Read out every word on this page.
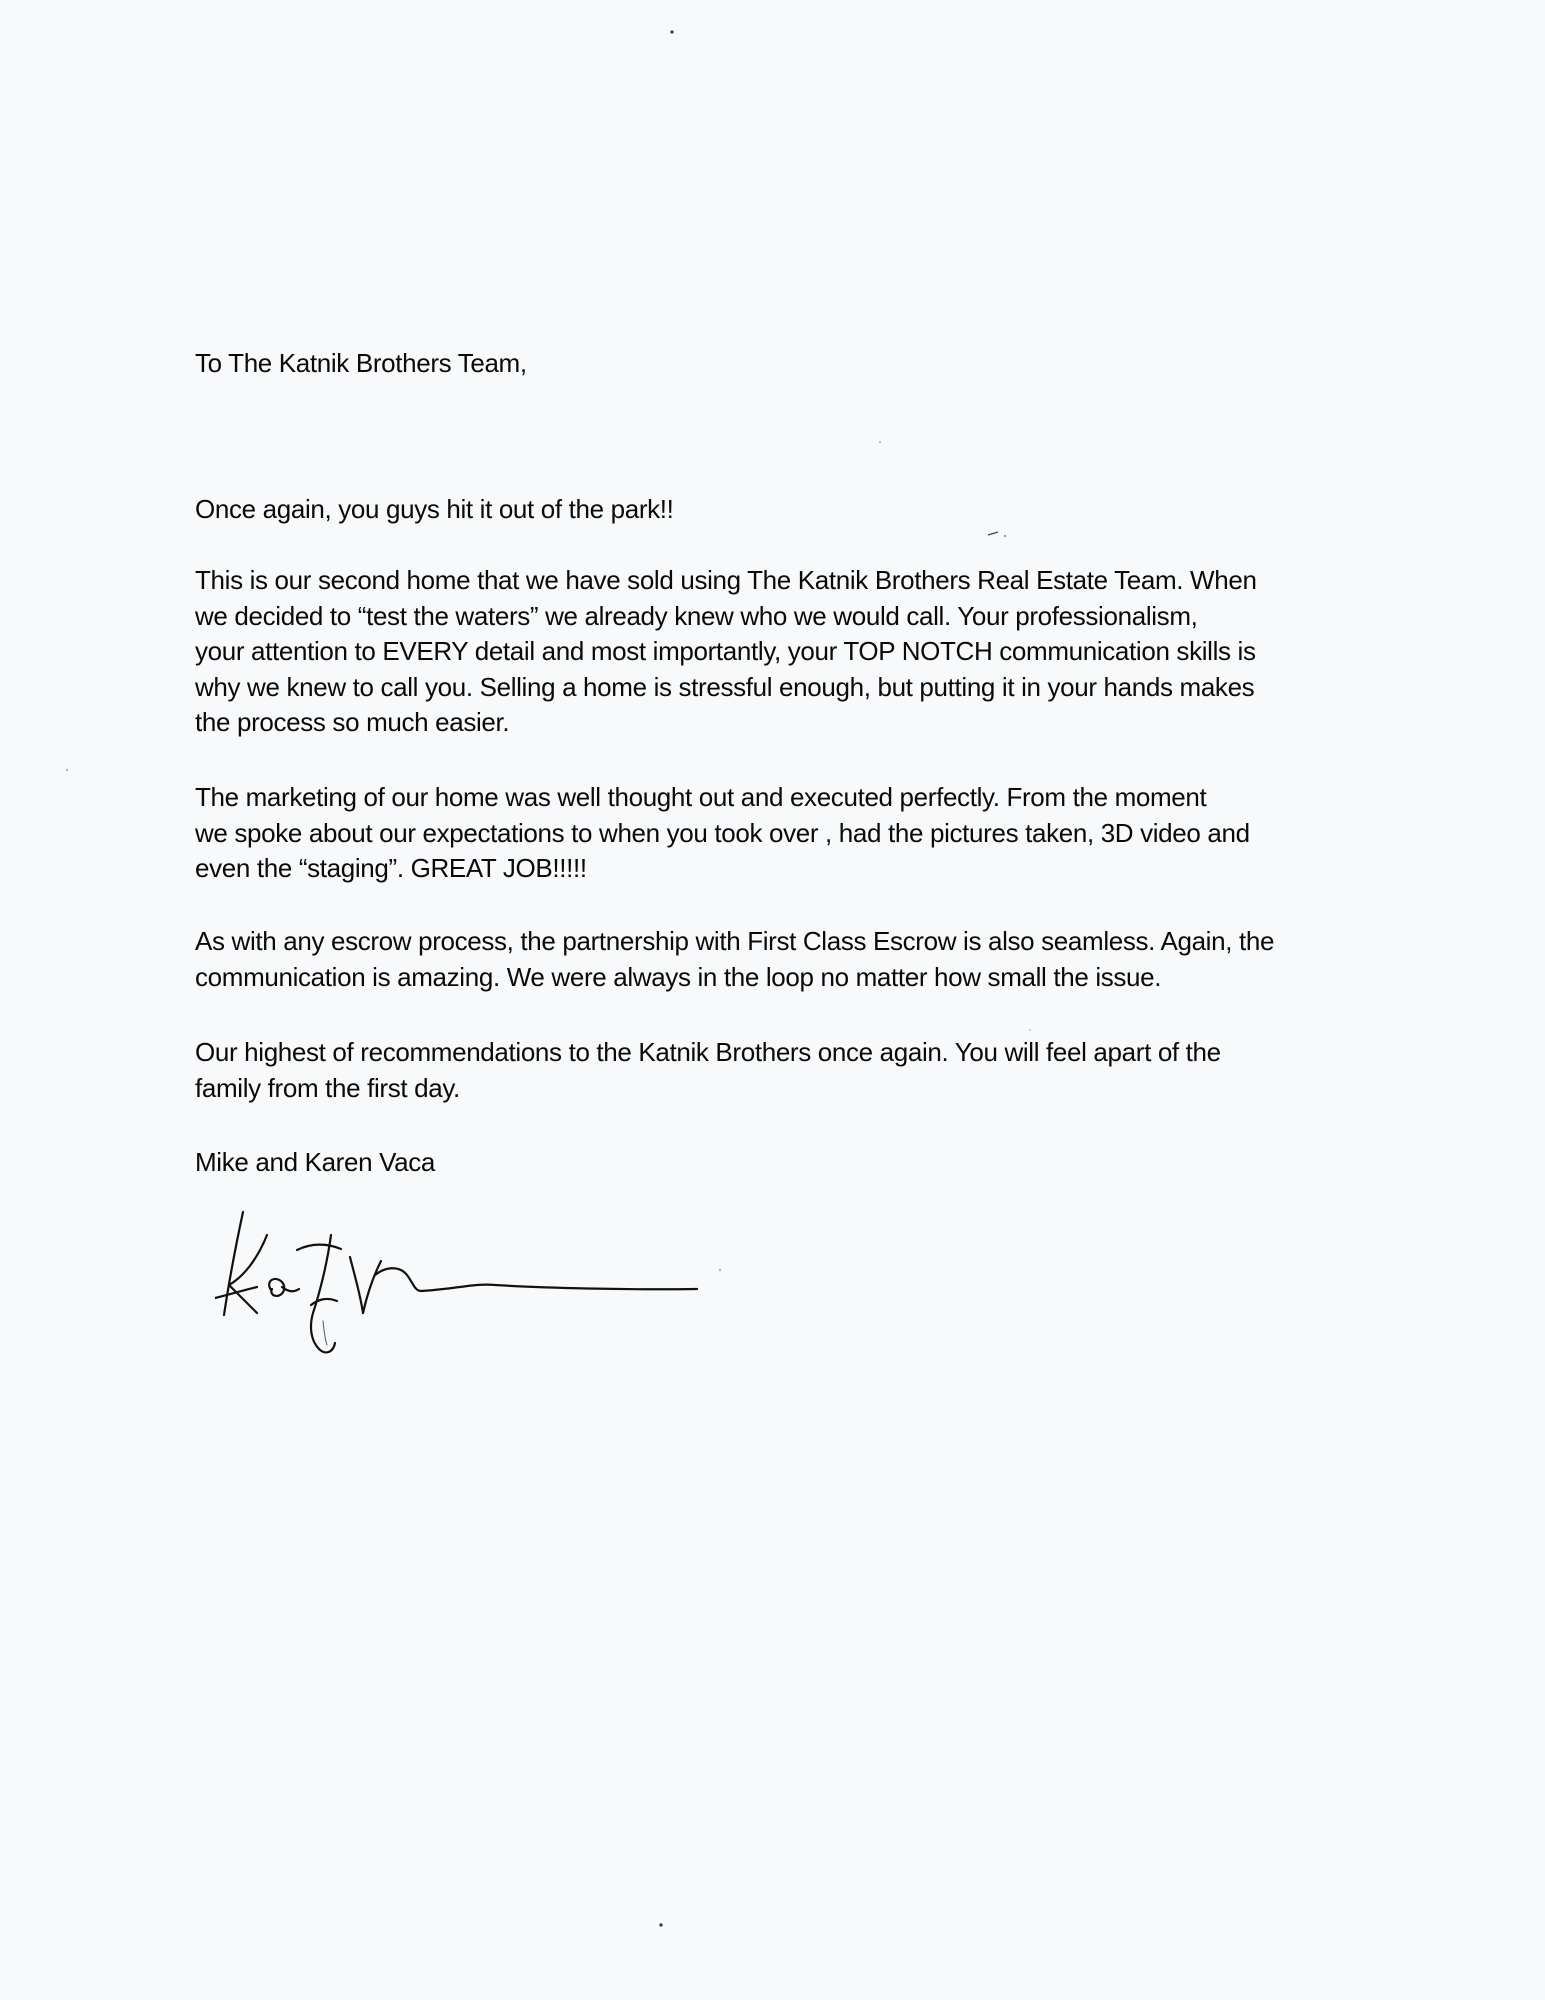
To The Katnik Brothers Team,
Once again, you guys hit it out of the park!!
This is our second home that we have sold using The Katnik Brothers Real Estate Team. When
we decided to “test the waters” we already knew who we would call. Your professionalism,
your attention to EVERY detail and most importantly, your TOP NOTCH communication skills is
why we knew to call you. Selling a home is stressful enough, but putting it in your hands makes
the process so much easier.
The marketing of our home was well thought out and executed perfectly. From the moment
we spoke about our expectations to when you took over , had the pictures taken, 3D video and
even the “staging”. GREAT JOB!!!!!
As with any escrow process, the partnership with First Class Escrow is also seamless. Again, the
communication is amazing. We were always in the loop no matter how small the issue.
Our highest of recommendations to the Katnik Brothers once again. You will feel apart of the
family from the first day.
Mike and Karen Vaca
